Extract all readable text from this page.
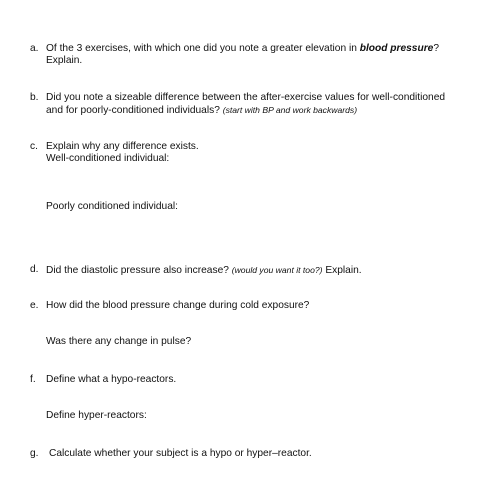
a. Of the 3 exercises, with which one did you note a greater elevation in blood pressure?
Explain.
b. Did you note a sizeable difference between the after-exercise values for well-conditioned
and for poorly-conditioned individuals? (start with BP and work backwards)
c. Explain why any difference exists.
Well-conditioned individual:
Poorly conditioned individual:
d. Did the diastolic pressure also increase? (would you want it too?) Explain.
e. How did the blood pressure change during cold exposure?
Was there any change in pulse?
f.	Define what a hypo-reactors.
Define hyper-reactors:
g.	Calculate whether your subject is a hypo or hyper–reactor.
